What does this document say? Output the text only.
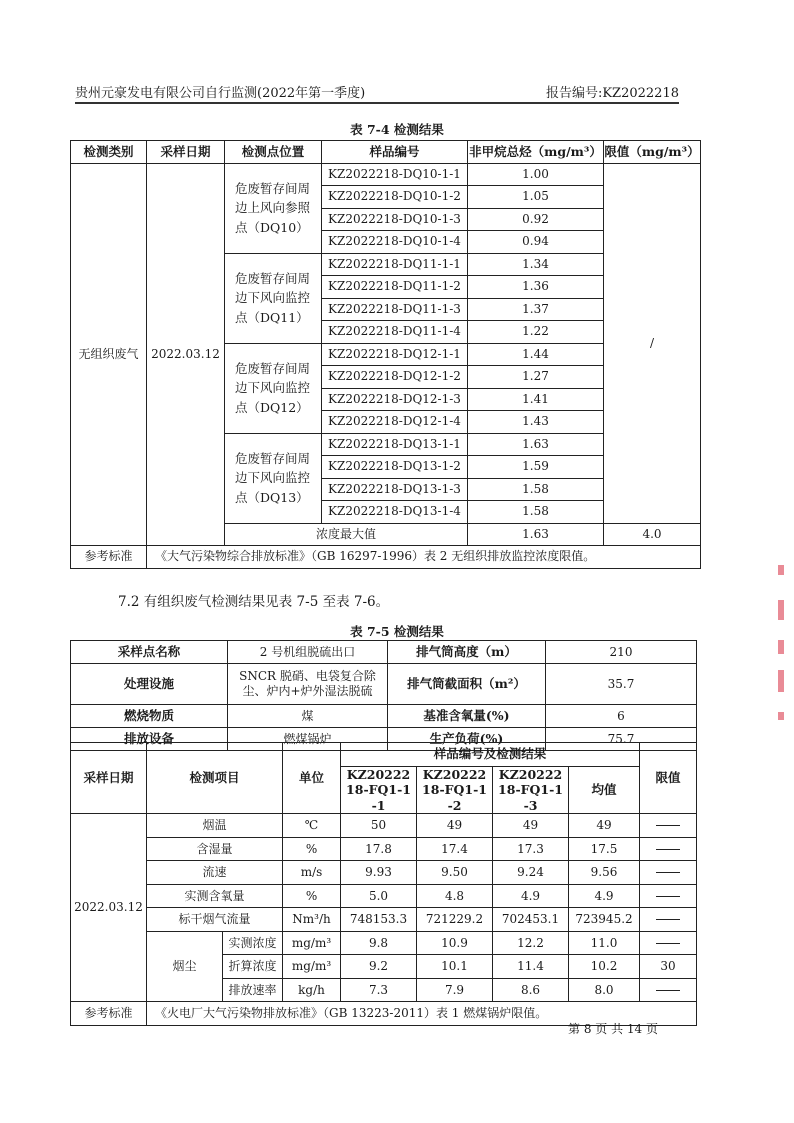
贵州元豪发电有限公司自行监测(2022年第一季度)	报告编号:KZ2022218
表 7-4 检测结果
检测类别	采样日期	检测点位置	样品编号	非甲烷总烃（mg/m³）	限值（mg/m³）
无组织废气	2022.03.12	危废暂存间周边上风向参照点（DQ10）	KZ2022218-DQ10-1-1	1.00	/
			KZ2022218-DQ10-1-2	1.05	
			KZ2022218-DQ10-1-3	0.92	
			KZ2022218-DQ10-1-4	0.94	
		危废暂存间周边下风向监控点（DQ11）	KZ2022218-DQ11-1-1	1.34	
			KZ2022218-DQ11-1-2	1.36	
			KZ2022218-DQ11-1-3	1.37	
			KZ2022218-DQ11-1-4	1.22	
		危废暂存间周边下风向监控点（DQ12）	KZ2022218-DQ12-1-1	1.44	
			KZ2022218-DQ12-1-2	1.27	
			KZ2022218-DQ12-1-3	1.41	
			KZ2022218-DQ12-1-4	1.43	
		危废暂存间周边下风向监控点（DQ13）	KZ2022218-DQ13-1-1	1.63	
			KZ2022218-DQ13-1-2	1.59	
			KZ2022218-DQ13-1-3	1.58	
			KZ2022218-DQ13-1-4	1.58	
		浓度最大值		1.63	4.0
参考标准	《大气污染物综合排放标准》（GB 16297-1996）表 2 无组织排放监控浓度限值。				
7.2 有组织废气检测结果见表 7-5 至表 7-6。
表 7-5 检测结果
采样点名称	2 号机组脱硫出口	排气筒高度（m）	210
处理设施	SNCR 脱硝、电袋复合除尘、炉内+炉外湿法脱硫	排气筒截面积（m²）	35.7
燃烧物质	煤	基准含氧量(%)	6
排放设备	燃煤锅炉	生产负荷(%)	75.7
采样日期	检测项目		单位	样品编号及检测结果				限值
				KZ2022218-FQ1-1-1	KZ2022218-FQ1-1-2	KZ2022218-FQ1-1-3	均值	
2022.03.12	烟温		℃	50	49	49	49	
	含湿量		%	17.8	17.4	17.3	17.5	
	流速		m/s	9.93	9.50	9.24	9.56	
	实测含氧量		%	5.0	4.8	4.9	4.9	
	标干烟气流量		Nm³/h	748153.3	721229.2	702453.1	723945.2	
	烟尘	实测浓度	mg/m³	9.8	10.9	12.2	11.0	
		折算浓度	mg/m³	9.2	10.1	11.4	10.2	30
		排放速率	kg/h	7.3	7.9	8.6	8.0	
参考标准	《火电厂大气污染物排放标准》（GB 13223-2011）表 1 燃煤锅炉限值。							
第 8 页 共 14 页
